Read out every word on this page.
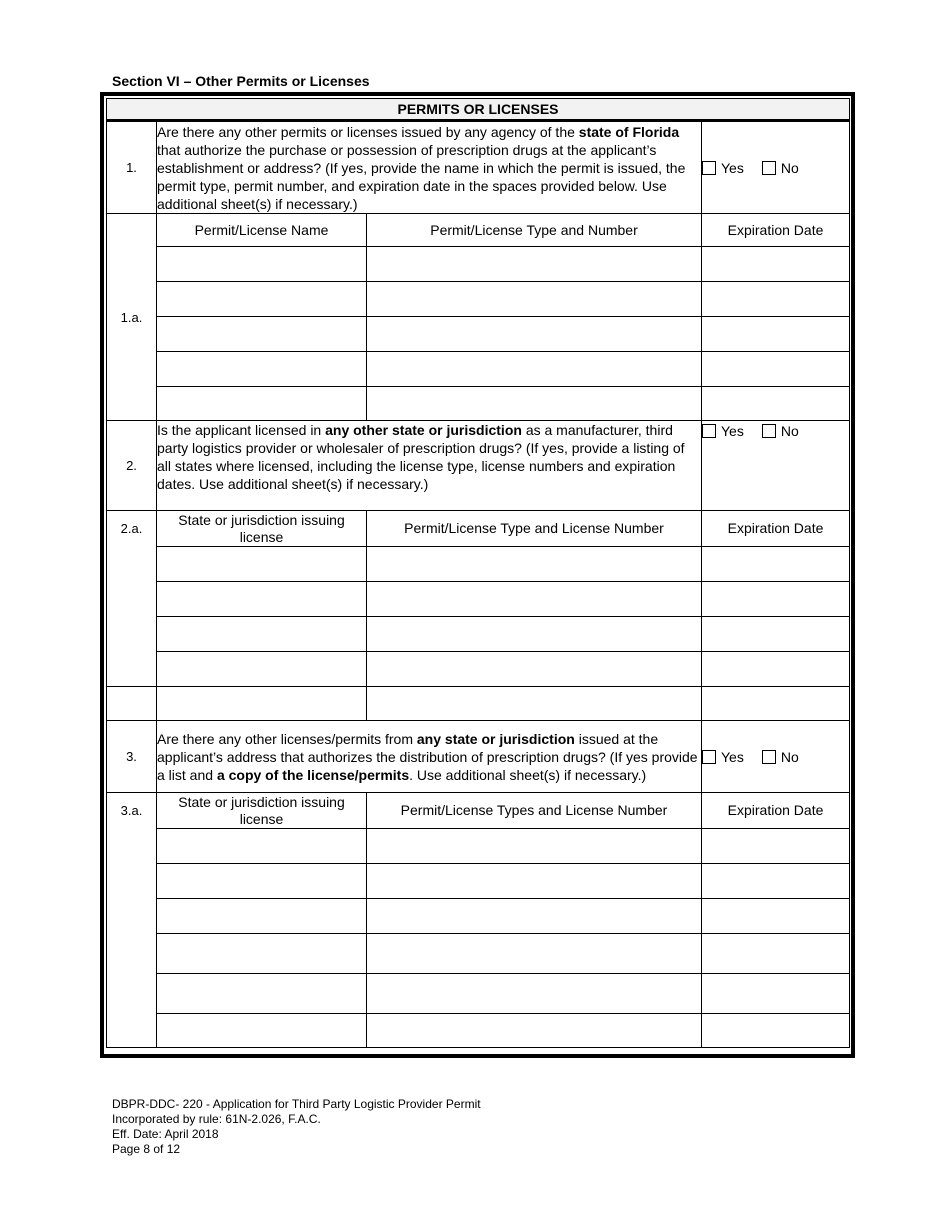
Section VI – Other Permits or Licenses
PERMITS OR LICENSES			
1.	Are there any other permits or licenses issued by any agency of the state of Florida that authorize the purchase or possession of prescription drugs at the applicant’s establishment or address? (If yes, provide the name in which the permit is issued, the permit type, permit number, and expiration date in the spaces provided below. Use additional sheet(s) if necessary.)		Yes No
1.a.	Permit/License Name	Permit/License Type and Number	Expiration Date

2.	Is the applicant licensed in any other state or jurisdiction as a manufacturer, third party logistics provider or wholesaler of prescription drugs? (If yes, provide a listing of all states where licensed, including the license type, license numbers and expiration dates. Use additional sheet(s) if necessary.)		Yes No
2.a.	State or jurisdiction issuing license	Permit/License Type and License Number	Expiration Date

3.	Are there any other licenses/permits from any state or jurisdiction issued at the applicant’s address that authorizes the distribution of prescription drugs? (If yes provide a list and a copy of the license/permits. Use additional sheet(s) if necessary.)		Yes No
3.a.	State or jurisdiction issuing license	Permit/License Types and License Number	Expiration Date

DBPR-DDC- 220 - Application for Third Party Logistic Provider Permit
Incorporated by rule: 61N-2.026, F.A.C.
Eff. Date: April 2018
Page 8 of 12
